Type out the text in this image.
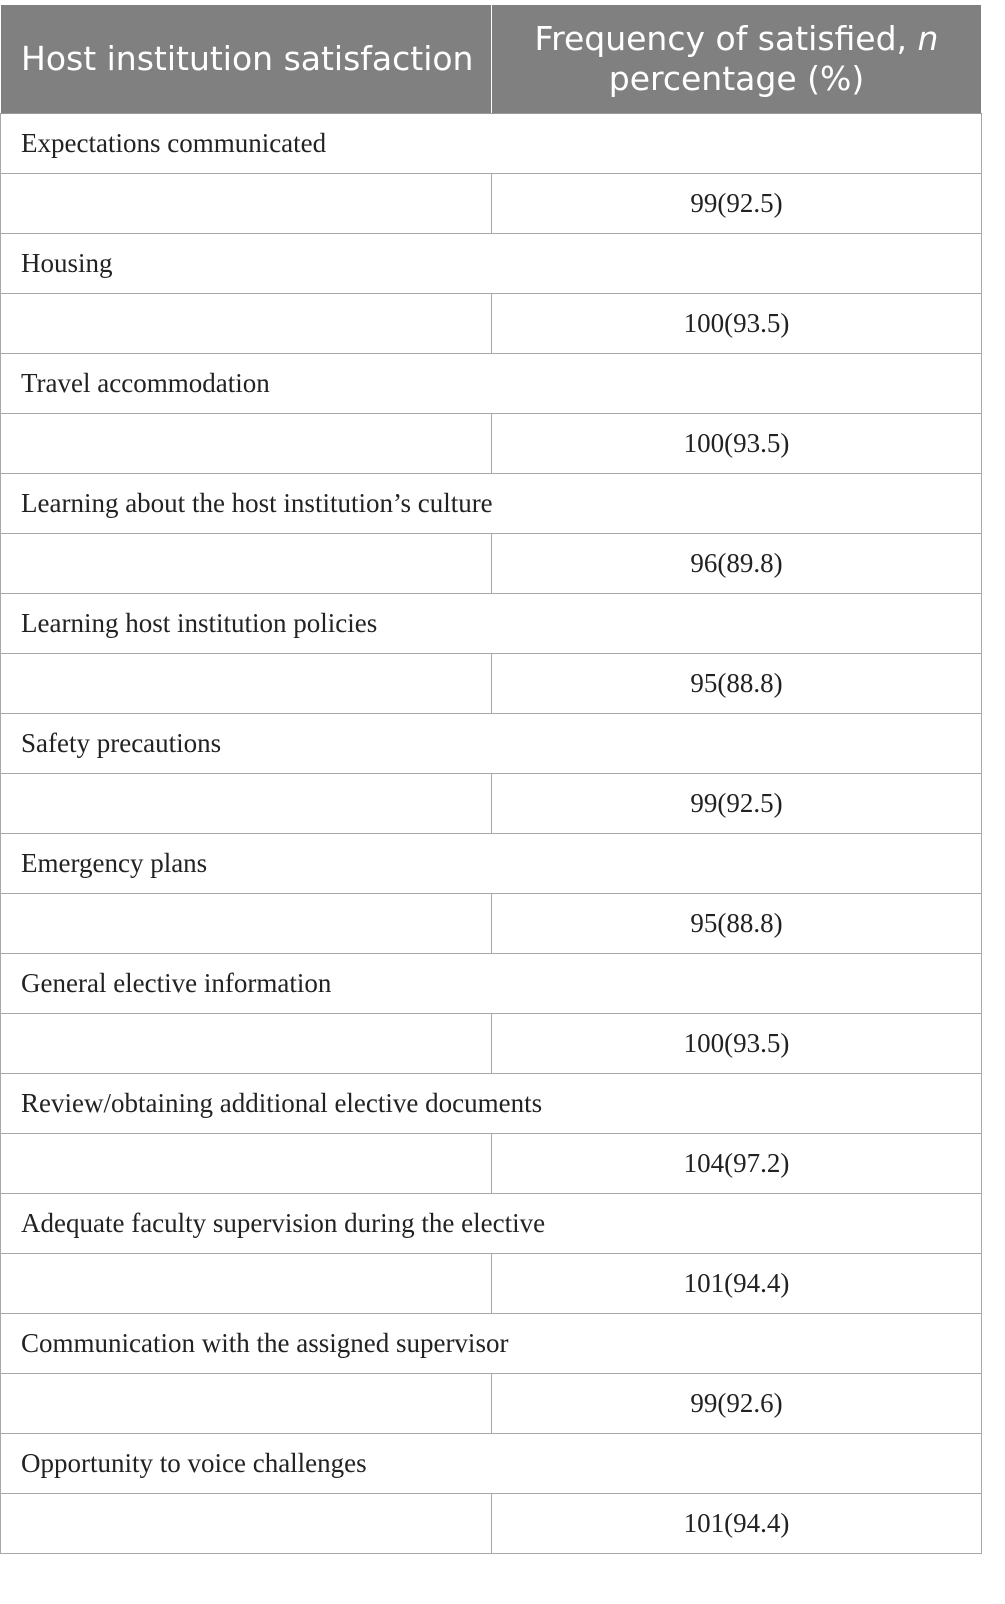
Host institution satisfaction	Frequency of satisfied, n percentage (%)
Expectations communicated	
	99(92.5)
Housing	
	100(93.5)
Travel accommodation	
	100(93.5)
Learning about the host institution’s culture	
	96(89.8)
Learning host institution policies	
	95(88.8)
Safety precautions	
	99(92.5)
Emergency plans	
	95(88.8)
General elective information	
	100(93.5)
Review/obtaining additional elective documents	
	104(97.2)
Adequate faculty supervision during the elective	
	101(94.4)
Communication with the assigned supervisor	
	99(92.6)
Opportunity to voice challenges	
	101(94.4)
